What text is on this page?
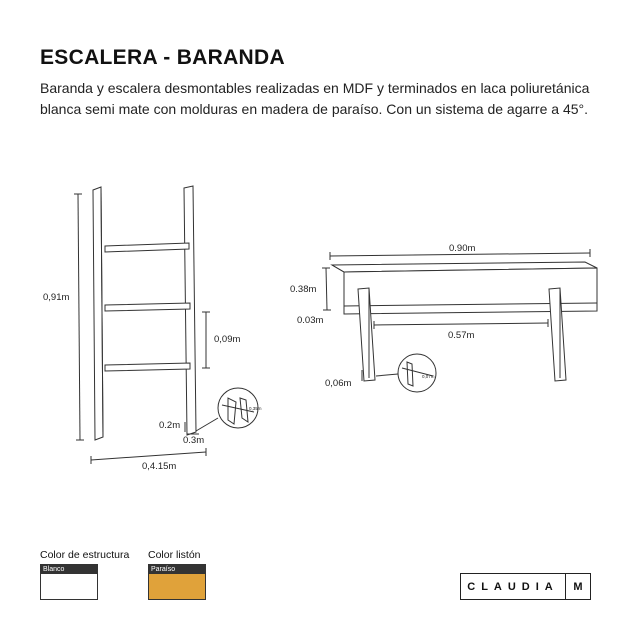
ESCALERA - BARANDA
Baranda y escalera desmontables realizadas en MDF y terminados en laca poliuretánica blanca semi mate con molduras en madera de paraíso. Con un sistema de agarre a 45°.
0,91m
0,09m
0.2m
0.3m
0,4.15m
0,35m
0.90m
0.38m
0.03m
0.57m
0,06m
0,07m
Color de estructura
Blanco
Color listón
Paraíso
CLAUDIA	M
